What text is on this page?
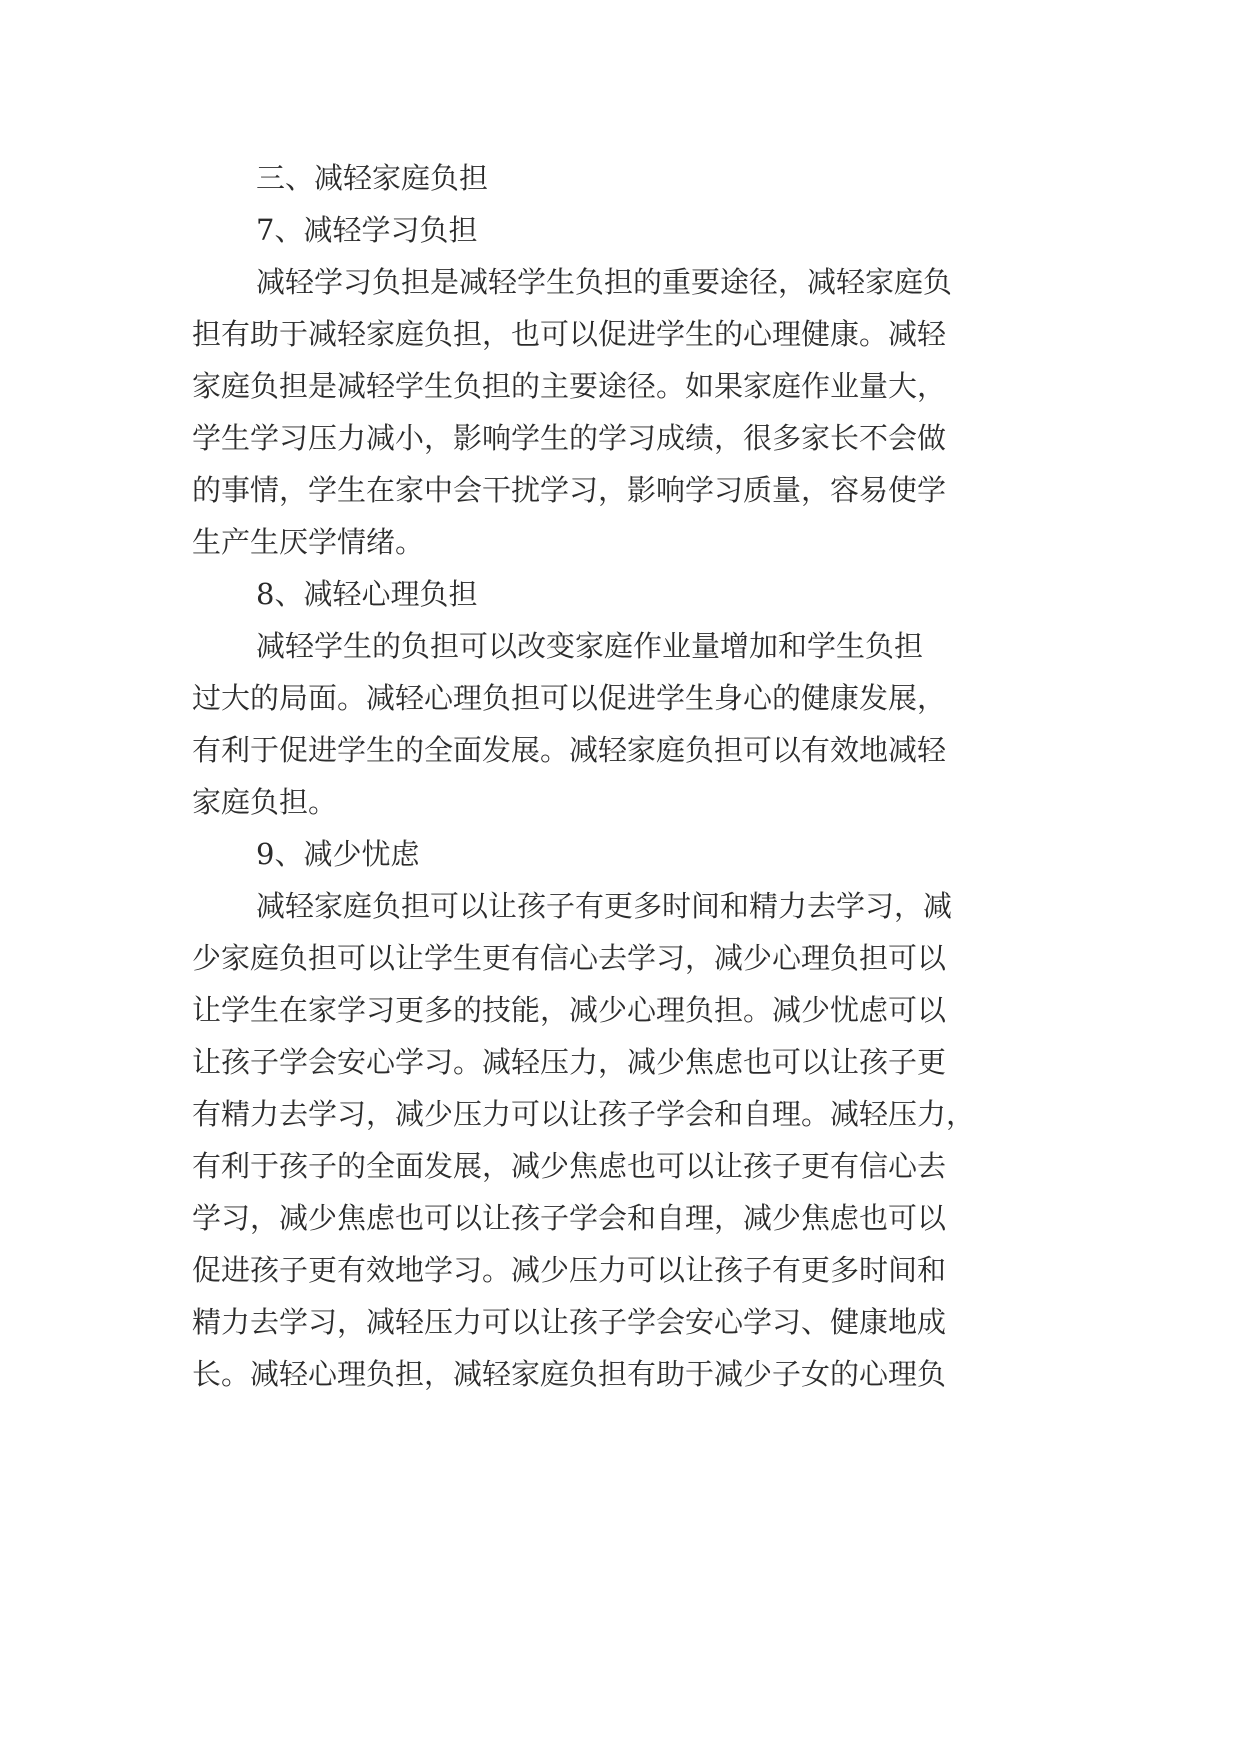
三、减轻家庭负担
7、减轻学习负担
减轻学习负担是减轻学生负担的重要途径，减轻家庭负
担有助于减轻家庭负担，也可以促进学生的心理健康。减轻
家庭负担是减轻学生负担的主要途径。如果家庭作业量大，
学生学习压力减小，影响学生的学习成绩，很多家长不会做
的事情，学生在家中会干扰学习，影响学习质量，容易使学
生产生厌学情绪。
8、减轻心理负担
减轻学生的负担可以改变家庭作业量增加和学生负担
过大的局面。减轻心理负担可以促进学生身心的健康发展，
有利于促进学生的全面发展。减轻家庭负担可以有效地减轻
家庭负担。
9、减少忧虑
减轻家庭负担可以让孩子有更多时间和精力去学习，减
少家庭负担可以让学生更有信心去学习，减少心理负担可以
让学生在家学习更多的技能，减少心理负担。减少忧虑可以
让孩子学会安心学习。减轻压力，减少焦虑也可以让孩子更
有精力去学习，减少压力可以让孩子学会和自理。减轻压力，
有利于孩子的全面发展，减少焦虑也可以让孩子更有信心去
学习，减少焦虑也可以让孩子学会和自理，减少焦虑也可以
促进孩子更有效地学习。减少压力可以让孩子有更多时间和
精力去学习，减轻压力可以让孩子学会安心学习、健康地成
长。减轻心理负担，减轻家庭负担有助于减少子女的心理负
